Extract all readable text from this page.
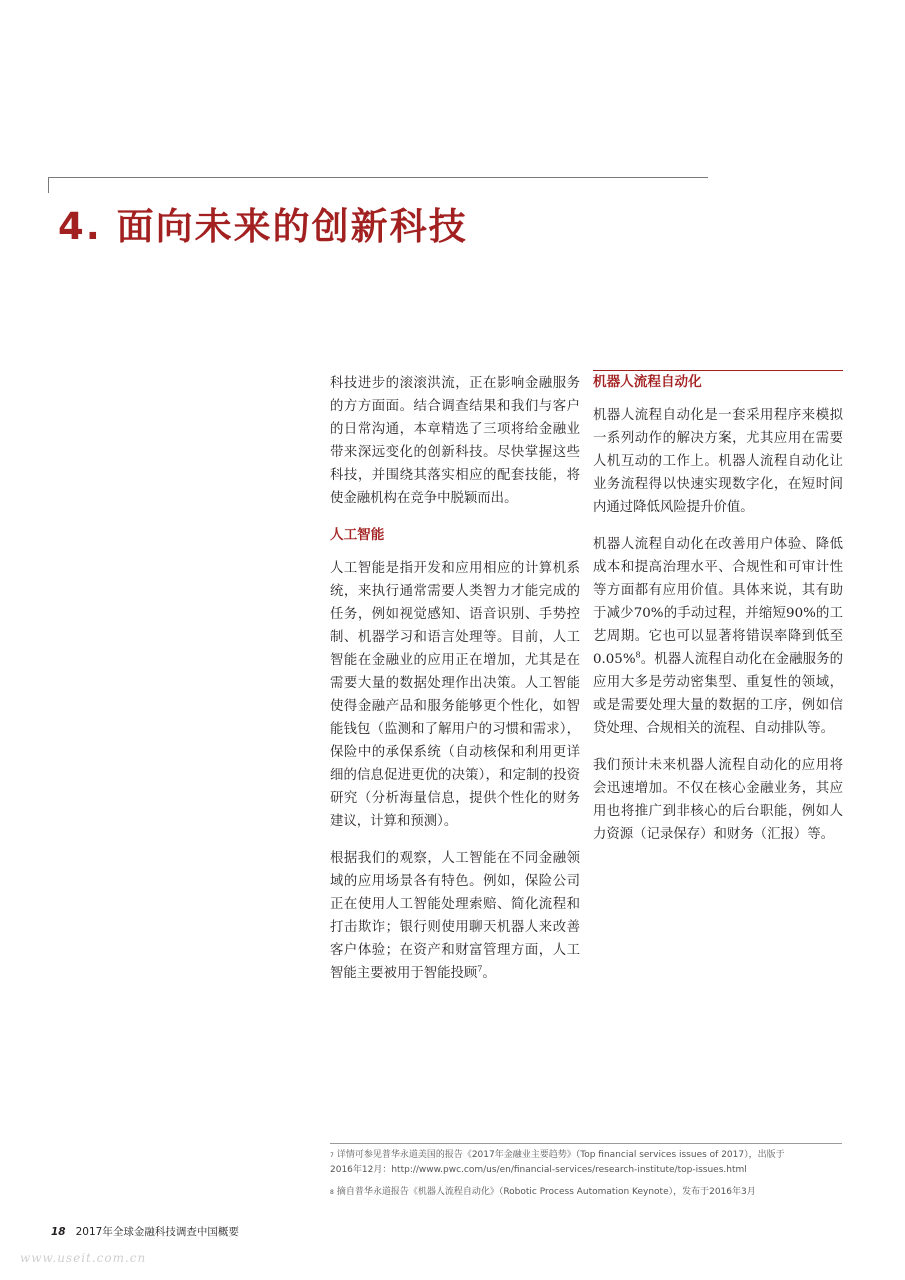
4. 面向未来的创新科技

科技进步的滚滚洪流，正在影响金融服务的方方面面。结合调查结果和我们与客户的日常沟通，本章精选了三项将给金融业带来深远变化的创新科技。尽快掌握这些科技，并围绕其落实相应的配套技能，将使金融机构在竞争中脱颖而出。

人工智能

人工智能是指开发和应用相应的计算机系统，来执行通常需要人类智力才能完成的任务，例如视觉感知、语音识别、手势控制、机器学习和语言处理等。目前，人工智能在金融业的应用正在增加，尤其是在需要大量的数据处理作出决策。人工智能使得金融产品和服务能够更个性化，如智能钱包（监测和了解用户的习惯和需求），保险中的承保系统（自动核保和利用更详细的信息促进更优的决策），和定制的投资研究（分析海量信息，提供个性化的财务建议，计算和预测）。

根据我们的观察，人工智能在不同金融领域的应用场景各有特色。例如，保险公司正在使用人工智能处理索赔、简化流程和打击欺诈；银行则使用聊天机器人来改善客户体验；在资产和财富管理方面，人工智能主要被用于智能投顾$^7$。

机器人流程自动化

机器人流程自动化是一套采用程序来模拟一系列动作的解决方案，尤其应用在需要人机互动的工作上。机器人流程自动化让业务流程得以快速实现数字化，在短时间内通过降低风险提升价值。

机器人流程自动化在改善用户体验、降低成本和提高治理水平、合规性和可审计性等方面都有应用价值。具体来说，其有助于减少70%的手动过程，并缩短90%的工艺周期。它也可以显著将错误率降到低至0.05%$^8$。机器人流程自动化在金融服务的应用大多是劳动密集型、重复性的领域，或是需要处理大量的数据的工序，例如信贷处理、合规相关的流程、自动排队等。

我们预计未来机器人流程自动化的应用将会迅速增加。不仅在核心金融业务，其应用也将推广到非核心的后台职能，例如人力资源（记录保存）和财务（汇报）等。

$^7$ 详情可参见普华永道美国的报告《2017年金融业主要趋势》（Top financial services issues of 2017），出版于
2016年12月：http://www.pwc.com/us/en/financial-services/research-institute/top-issues.html
$^8$ 摘自普华永道报告《机器人流程自动化》（Robotic Process Automation Keynote），发布于2016年3月
18 2017年全球金融科技调查中国概要
www.useit.com.cn
